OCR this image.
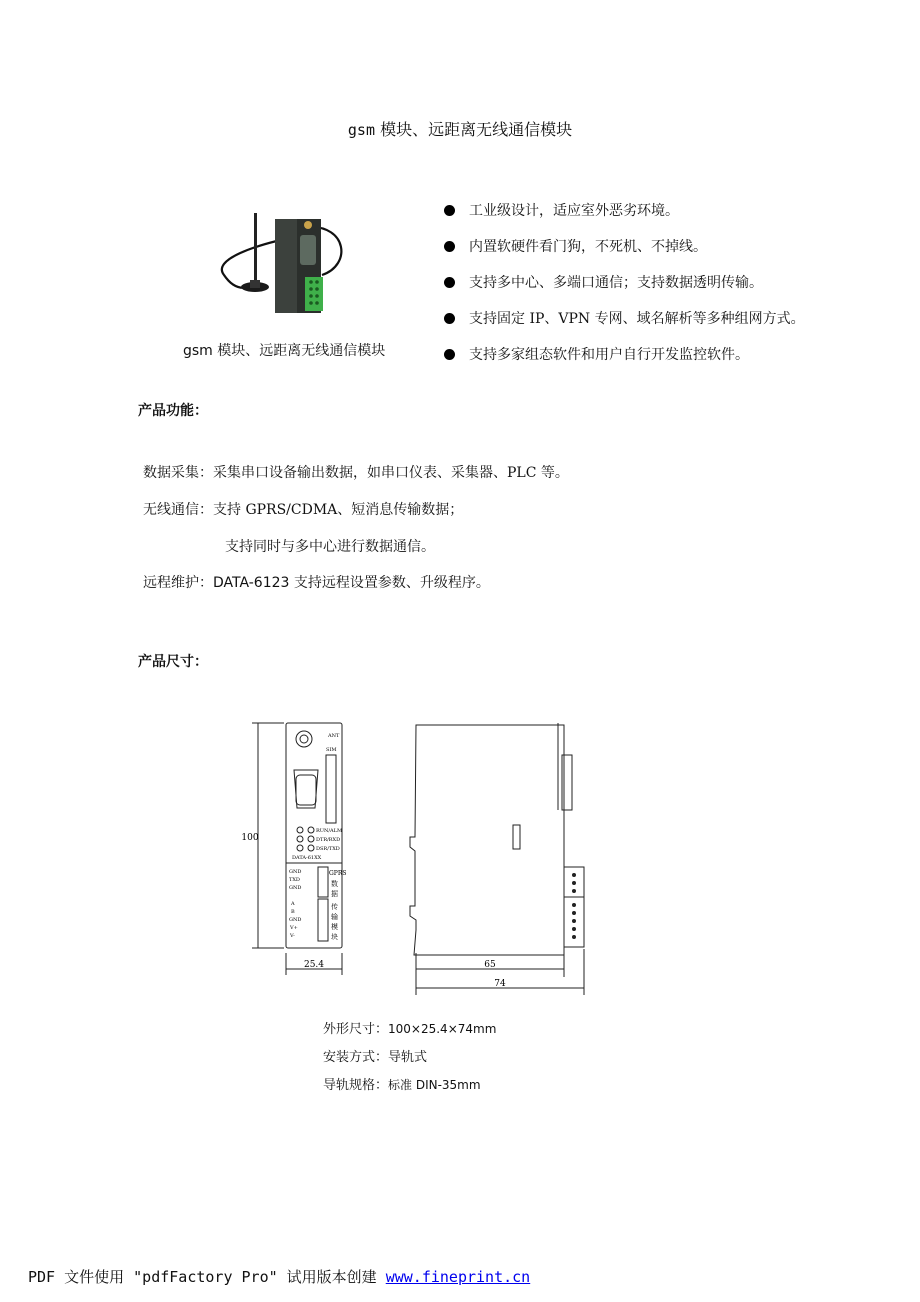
gsm 模块、远距离无线通信模块
gsm 模块、远距离无线通信模块
工业级设计，适应室外恶劣环境。
内置软硬件看门狗，不死机、不掉线。
支持多中心、多端口通信；支持数据透明传输。
支持固定 IP、VPN 专网、域名解析等多种组网方式。
支持多家组态软件和用户自行开发监控软件。
产品功能：
数据采集：采集串口设备输出数据，如串口仪表、采集器、PLC 等。
无线通信：支持 GPRS/CDMA、短消息传输数据；
支持同时与多中心进行数据通信。
远程维护：DATA-6123 支持远程设置参数、升级程序。
产品尺寸：
100
25.4	65
74
ANT
SIM
RUN/ALM
DTR/RXD
DSR/TXD
DATA-61XX
GND
TXD
GND
A
B
GND
V+
V-
GPRS
数
据
传
输
模
块
外形尺寸：100×25.4×74mm
安装方式：导轨式
导轨规格：标准 DIN-35mm
PDF 文件使用 "pdfFactory Pro" 试用版本创建 www.fineprint.cn
